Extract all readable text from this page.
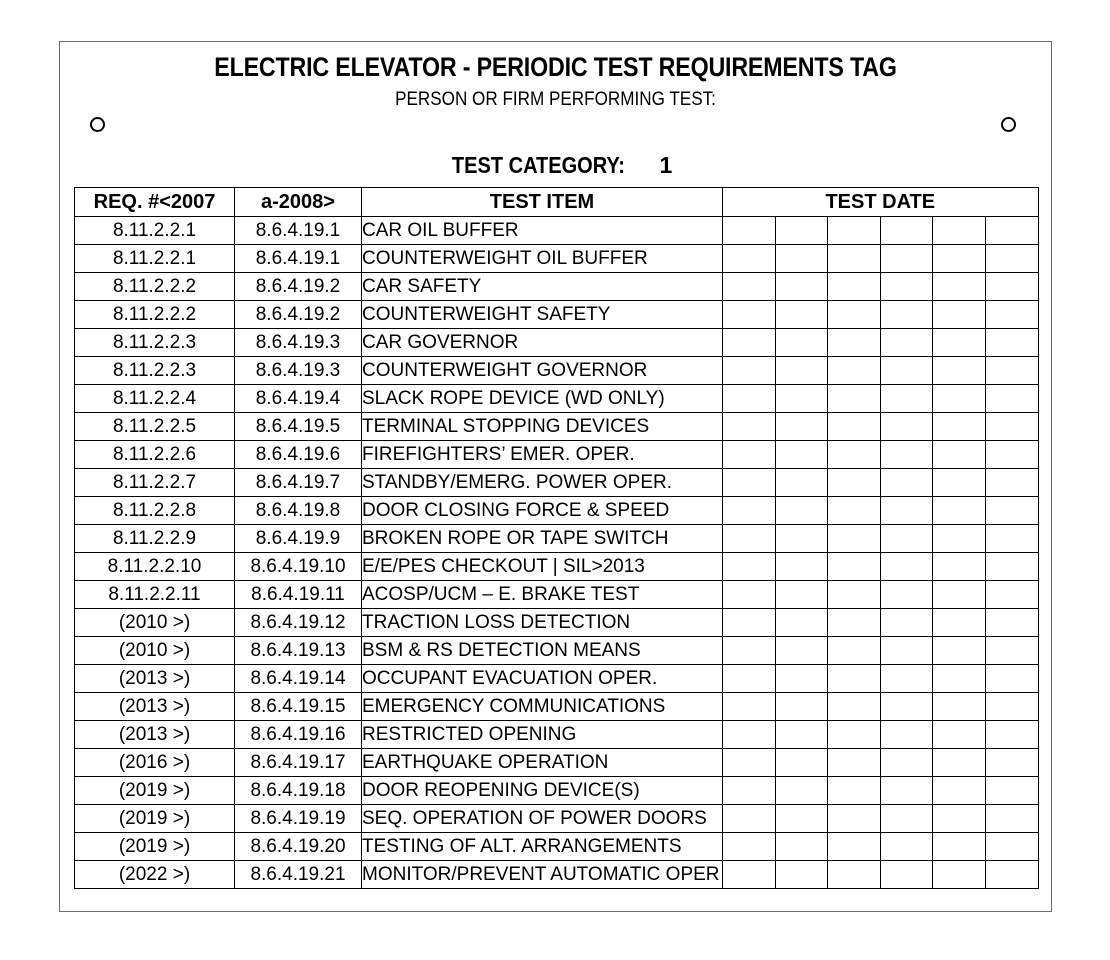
ELECTRIC ELEVATOR - PERIODIC TEST REQUIREMENTS TAG
PERSON OR FIRM PERFORMING TEST:
TEST CATEGORY: 1
REQ. #<2007	a-2008>	TEST ITEM	TEST DATE					
8.11.2.2.1	8.6.4.19.1	CAR OIL BUFFER						
8.11.2.2.1	8.6.4.19.1	COUNTERWEIGHT OIL BUFFER						
8.11.2.2.2	8.6.4.19.2	CAR SAFETY						
8.11.2.2.2	8.6.4.19.2	COUNTERWEIGHT SAFETY						
8.11.2.2.3	8.6.4.19.3	CAR GOVERNOR						
8.11.2.2.3	8.6.4.19.3	COUNTERWEIGHT GOVERNOR						
8.11.2.2.4	8.6.4.19.4	SLACK ROPE DEVICE (WD ONLY)						
8.11.2.2.5	8.6.4.19.5	TERMINAL STOPPING DEVICES						
8.11.2.2.6	8.6.4.19.6	FIREFIGHTERS’ EMER. OPER.						
8.11.2.2.7	8.6.4.19.7	STANDBY/EMERG. POWER OPER.						
8.11.2.2.8	8.6.4.19.8	DOOR CLOSING FORCE & SPEED						
8.11.2.2.9	8.6.4.19.9	BROKEN ROPE OR TAPE SWITCH						
8.11.2.2.10	8.6.4.19.10	E/E/PES CHECKOUT | SIL>2013						
8.11.2.2.11	8.6.4.19.11	ACOSP/UCM – E. BRAKE TEST						
(2010 >)	8.6.4.19.12	TRACTION LOSS DETECTION						
(2010 >)	8.6.4.19.13	BSM & RS DETECTION MEANS						
(2013 >)	8.6.4.19.14	OCCUPANT EVACUATION OPER.						
(2013 >)	8.6.4.19.15	EMERGENCY COMMUNICATIONS						
(2013 >)	8.6.4.19.16	RESTRICTED OPENING						
(2016 >)	8.6.4.19.17	EARTHQUAKE OPERATION						
(2019 >)	8.6.4.19.18	DOOR REOPENING DEVICE(S)						
(2019 >)	8.6.4.19.19	SEQ. OPERATION OF POWER DOORS						
(2019 >)	8.6.4.19.20	TESTING OF ALT. ARRANGEMENTS						
(2022 >)	8.6.4.19.21	MONITOR/PREVENT AUTOMATIC OPER						
